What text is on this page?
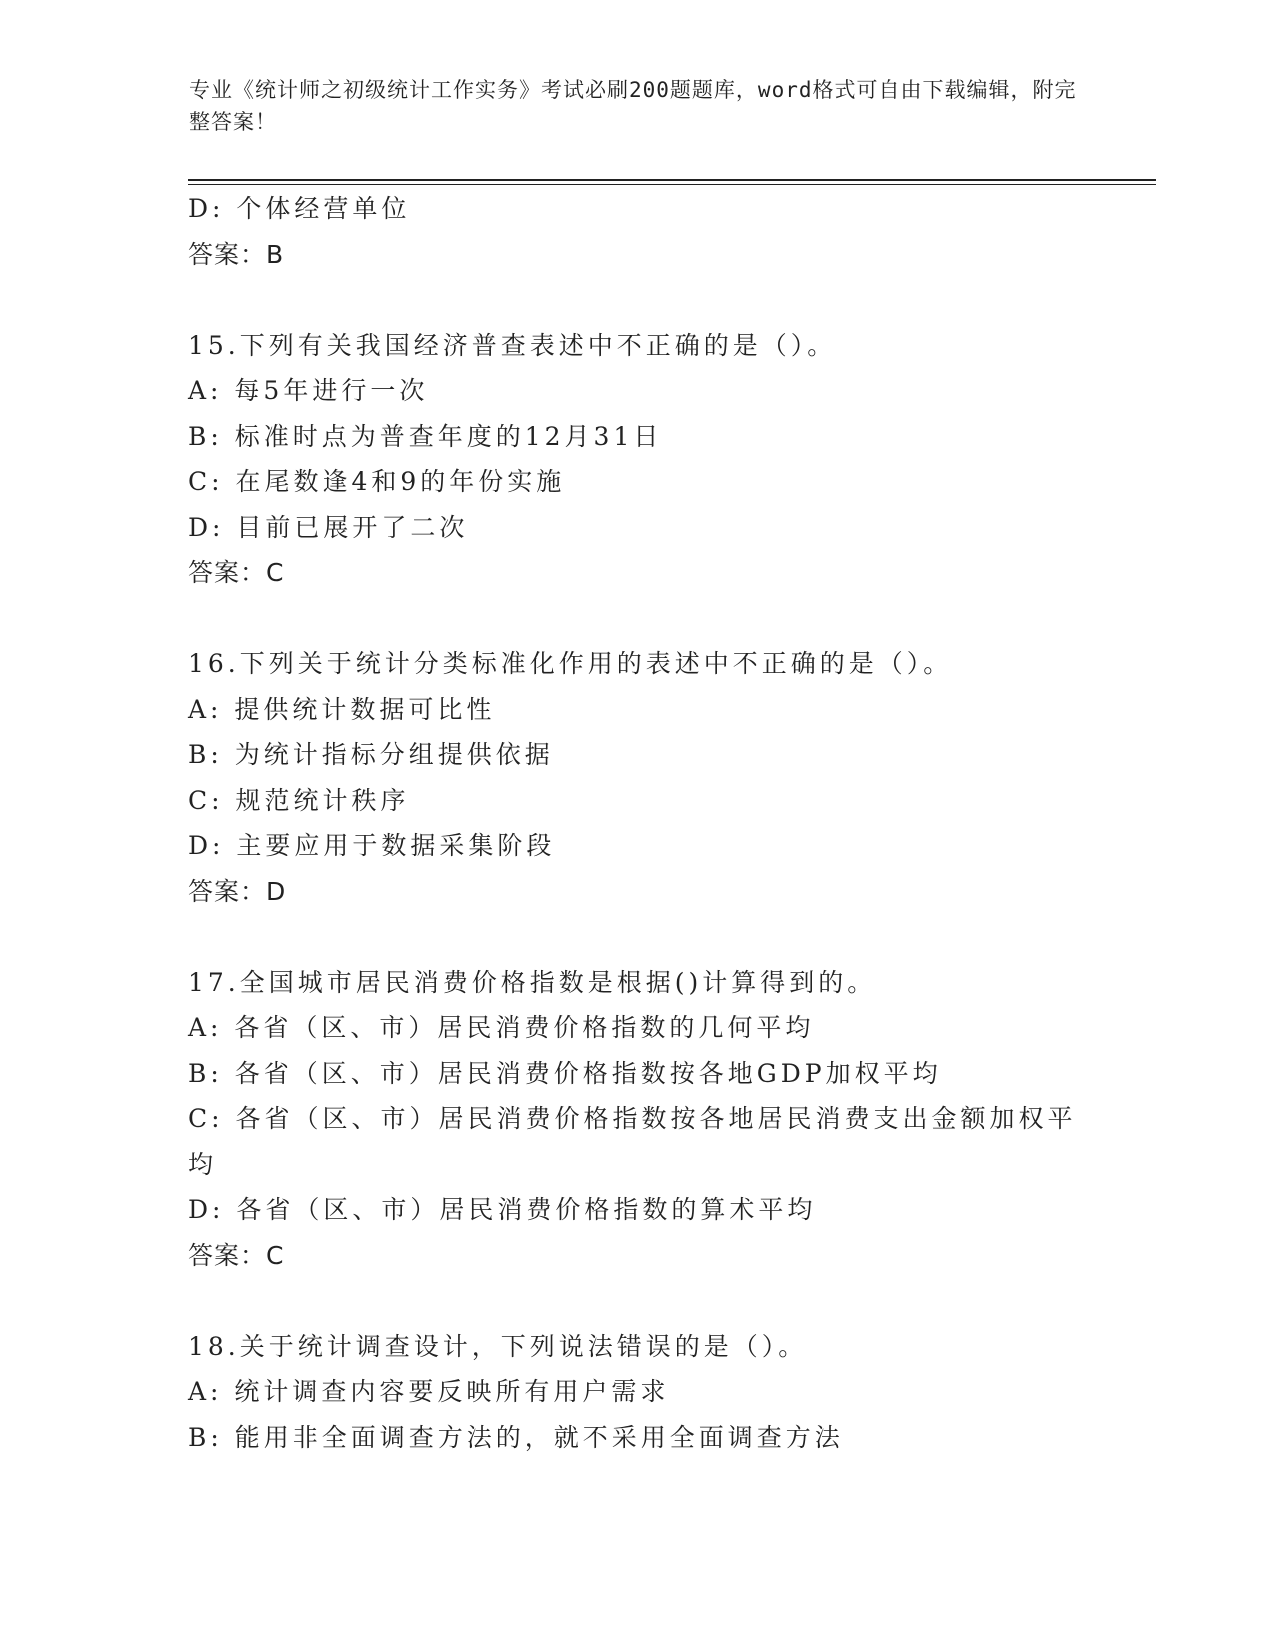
专业《统计师之初级统计工作实务》考试必刷200题题库，word格式可自由下载编辑，附完整答案！
D: 个体经营单位
答案：B
15.下列有关我国经济普查表述中不正确的是（）。
A: 每5年进行一次
B: 标准时点为普查年度的12月31日
C: 在尾数逢4和9的年份实施
D: 目前已展开了二次
答案：C
16.下列关于统计分类标准化作用的表述中不正确的是（）。
A: 提供统计数据可比性
B: 为统计指标分组提供依据
C: 规范统计秩序
D: 主要应用于数据采集阶段
答案：D
17.全国城市居民消费价格指数是根据()计算得到的。
A: 各省（区、市）居民消费价格指数的几何平均
B: 各省（区、市）居民消费价格指数按各地GDP加权平均
C: 各省（区、市）居民消费价格指数按各地居民消费支出金额加权平均
D: 各省（区、市）居民消费价格指数的算术平均
答案：C
18.关于统计调查设计，下列说法错误的是（）。
A: 统计调查内容要反映所有用户需求
B: 能用非全面调查方法的，就不采用全面调查方法
